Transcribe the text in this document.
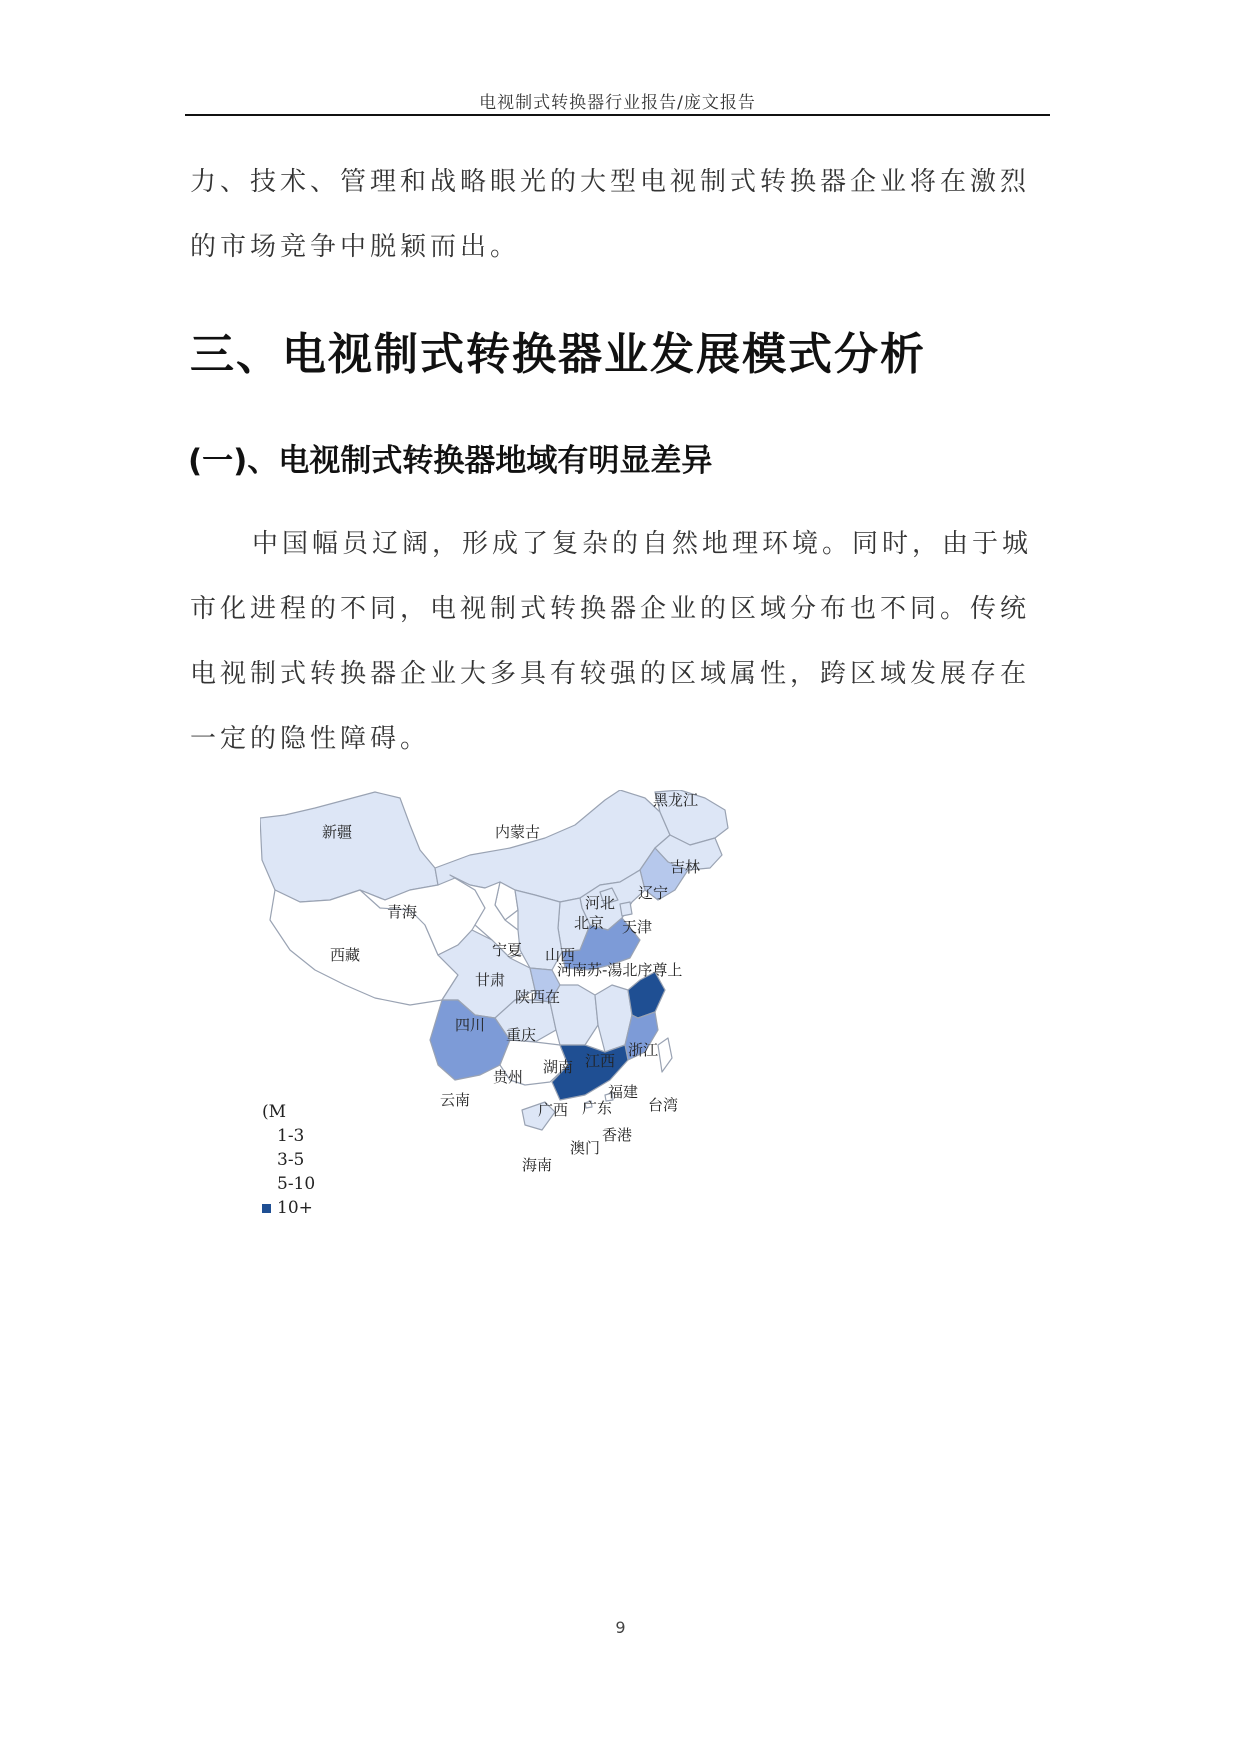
电视制式转换器行业报告/庞文报告

力、技术、管理和战略眼光的大型电视制式转换器企业将在激烈的市场竞争中脱颖而出。

三、电视制式转换器业发展模式分析
(一)、电视制式转换器地域有明显差异

中国幅员辽阔，形成了复杂的自然地理环境。同时，由于城市化进程的不同，电视制式转换器企业的区域分布也不同。传统电视制式转换器企业大多具有较强的区域属性，跨区域发展存在一定的隐性障碍。

新疆
西藏
青海
内蒙古
黑龙江
吉林
辽宁
河北
北京 天津
山西
宁夏
甘肃
陕西在
河南苏-湯北序尊上
四川
重庆
贵州
湖南 江西
浙江
福建
台湾
云南
广西 广东
香港
澳门
海南
(M
1-3
3-5
5-10
10+
9
